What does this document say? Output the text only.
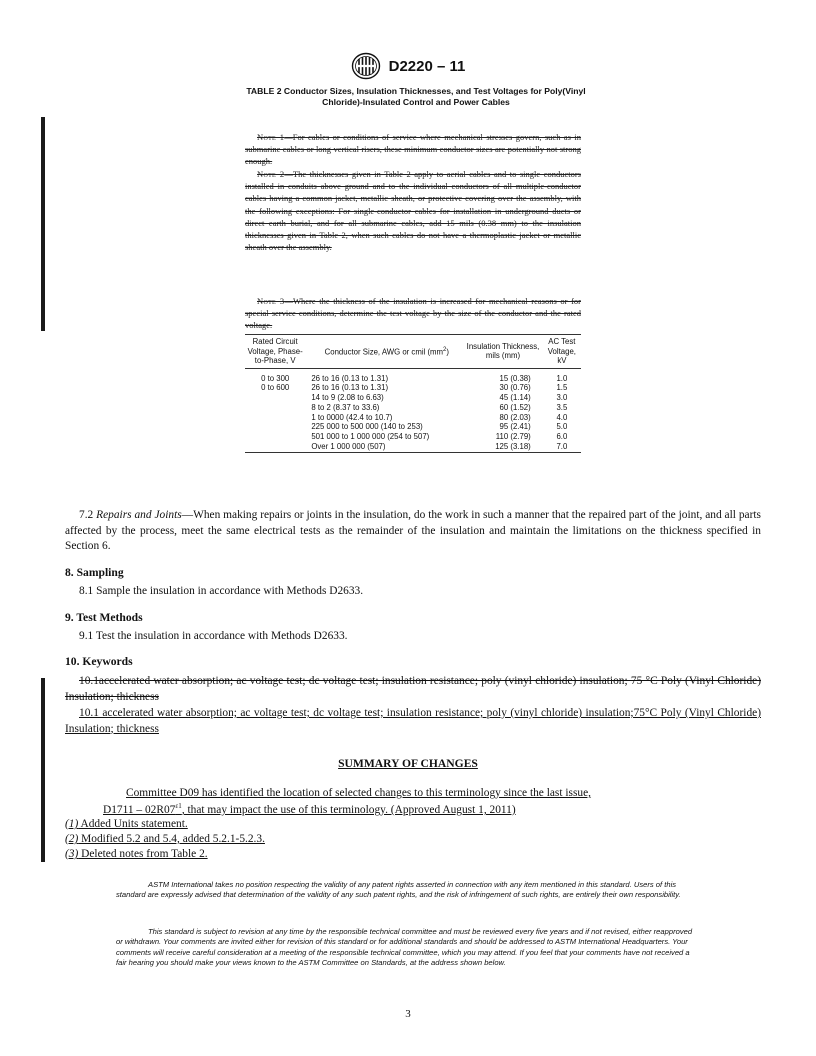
D2220 – 11
TABLE 2 Conductor Sizes, Insulation Thicknesses, and Test Voltages for Poly(Vinyl Chloride)-Insulated Control and Power Cables
Note 1—For cables or conditions of service where mechanical stresses govern, such as in submarine cables or long vertical risers, these minimum conductor sizes are potentially not strong enough.
Note 2—The thicknesses given in Table 2 apply to aerial cables and to single conductors installed in conduits above ground and to the individual conductors of all multiple-conductor cables having a common jacket, metallic sheath, or protective covering over the assembly, with the following exceptions: For single-conductor cables for installation in underground ducts or direct earth burial, and for all submarine cables, add 15 mils (0.38 mm) to the insulation thicknesses given in Table 2, when such cables do not have a thermoplastic jacket or metallic sheath over the assembly.
Note 3—Where the thickness of the insulation is increased for mechanical reasons or for special service conditions, determine the test voltage by the size of the conductor and the rated voltage.
Rated Circuit Voltage, Phase-to-Phase, V	Conductor Size, AWG or cmil $(mm^2)$	Insulation Thickness, mils (mm)	AC Test Voltage, kV
0 to 300	26 to 16 (0.13 to 1.31)	15 (0.38)	1.0
0 to 600	26 to 16 (0.13 to 1.31)	30 (0.76)	1.5
	14 to 9 (2.08 to 6.63)	45 (1.14)	3.0
	8 to 2 (8.37 to 33.6)	60 (1.52)	3.5
	1 to 0000 (42.4 to 10.7)	80 (2.03)	4.0
	225 000 to 500 000 (140 to 253)	95 (2.41)	5.0
	501 000 to 1 000 000 (254 to 507)	110 (2.79)	6.0
	Over 1 000 000 (507)	125 (3.18)	7.0
7.2 Repairs and Joints—When making repairs or joints in the insulation, do the work in such a manner that the repaired part of the joint, and all parts affected by the process, meet the same electrical tests as the remainder of the insulation and maintain the limitations on the thickness specified in Section 6.
8. Sampling
8.1 Sample the insulation in accordance with Methods D2633.
9. Test Methods
9.1 Test the insulation in accordance with Methods D2633.
10. Keywords
10.1accelerated water absorption; ac voltage test; dc voltage test; insulation resistance; poly (vinyl chloride) insulation; 75 °C Poly (Vinyl Chloride) Insulation; thickness
10.1 accelerated water absorption; ac voltage test; dc voltage test; insulation resistance; poly (vinyl chloride) insulation;75°C Poly (Vinyl Chloride) Insulation; thickness
SUMMARY OF CHANGES
Committee D09 has identified the location of selected changes to this terminology since the last issue,
$D1711 - 02R07^{\varepsilon 1}$, that may impact the use of this terminology. (Approved August 1, 2011)
(1) Added Units statement.
(2) Modified 5.2 and 5.4, added 5.2.1-5.2.3.
(3) Deleted notes from Table 2.
ASTM International takes no position respecting the validity of any patent rights asserted in connection with any item mentioned in this standard. Users of this standard are expressly advised that determination of the validity of any such patent rights, and the risk of infringement of such rights, are entirely their own responsibility.
This standard is subject to revision at any time by the responsible technical committee and must be reviewed every five years and if not revised, either reapproved or withdrawn. Your comments are invited either for revision of this standard or for additional standards and should be addressed to ASTM International Headquarters. Your comments will receive careful consideration at a meeting of the responsible technical committee, which you may attend. If you feel that your comments have not received a fair hearing you should make your views known to the ASTM Committee on Standards, at the address shown below.
3
